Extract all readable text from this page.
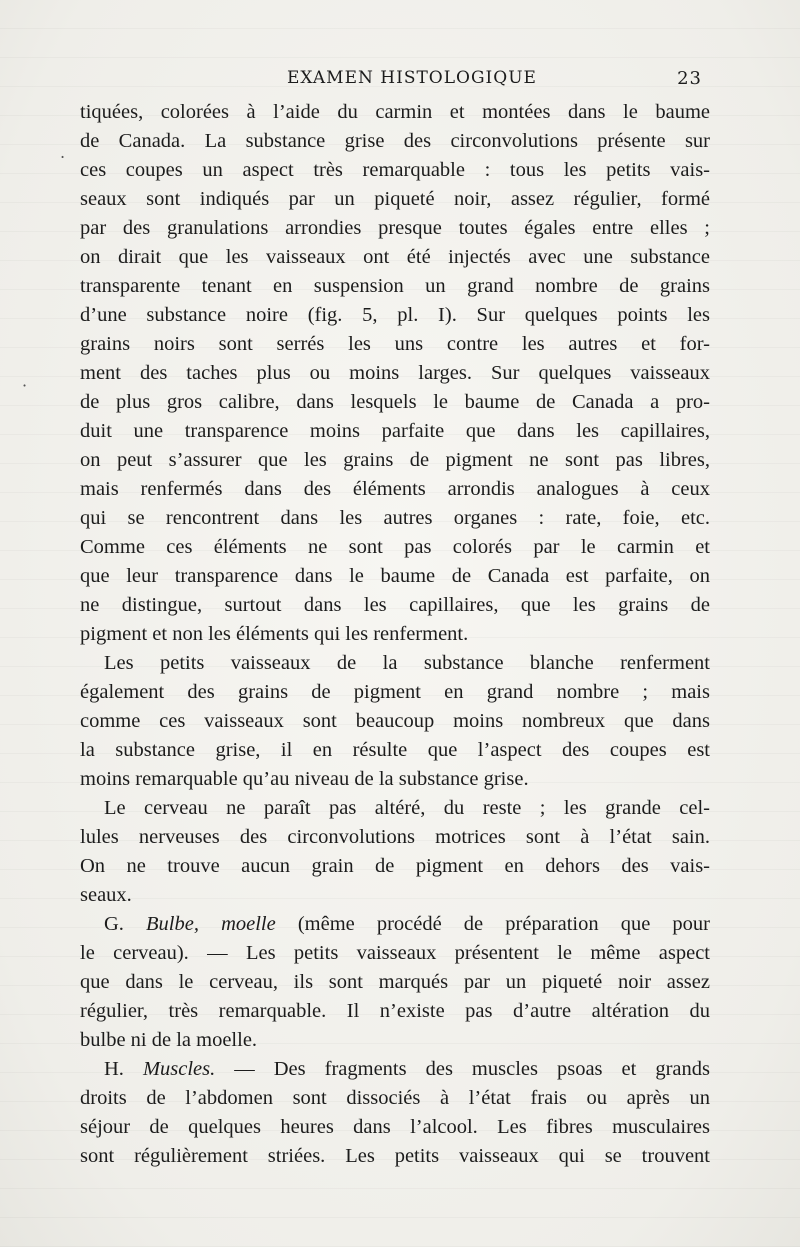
EXAMEN HISTOLOGIQUE	23
tiquées, colorées à l’aide du carmin et montées dans le baume
de Canada. La substance grise des circonvolutions présente sur
ces coupes un aspect très remarquable : tous les petits vais-
seaux sont indiqués par un piqueté noir, assez régulier, formé
par des granulations arrondies presque toutes égales entre elles ;
on dirait que les vaisseaux ont été injectés avec une substance
transparente tenant en suspension un grand nombre de grains
d’une substance noire (fig. 5, pl. I). Sur quelques points les
grains noirs sont serrés les uns contre les autres et for-
ment des taches plus ou moins larges. Sur quelques vaisseaux
de plus gros calibre, dans lesquels le baume de Canada a pro-
duit une transparence moins parfaite que dans les capillaires,
on peut s’assurer que les grains de pigment ne sont pas libres,
mais renfermés dans des éléments arrondis analogues à ceux
qui se rencontrent dans les autres organes : rate, foie, etc.
Comme ces éléments ne sont pas colorés par le carmin et
que leur transparence dans le baume de Canada est parfaite, on
ne distingue, surtout dans les capillaires, que les grains de
pigment et non les éléments qui les renferment.
Les petits vaisseaux de la substance blanche renferment
également des grains de pigment en grand nombre ; mais
comme ces vaisseaux sont beaucoup moins nombreux que dans
la substance grise, il en résulte que l’aspect des coupes est
moins remarquable qu’au niveau de la substance grise.
Le cerveau ne paraît pas altéré, du reste ; les grande cel-
lules nerveuses des circonvolutions motrices sont à l’état sain.
On ne trouve aucun grain de pigment en dehors des vais-
seaux.
G. Bulbe, moelle (même procédé de préparation que pour
le cerveau). — Les petits vaisseaux présentent le même aspect
que dans le cerveau, ils sont marqués par un piqueté noir assez
régulier, très remarquable. Il n’existe pas d’autre altération du
bulbe ni de la moelle.
H. Muscles. — Des fragments des muscles psoas et grands
droits de l’abdomen sont dissociés à l’état frais ou après un
séjour de quelques heures dans l’alcool. Les fibres musculaires
sont régulièrement striées. Les petits vaisseaux qui se trouvent
·
.
